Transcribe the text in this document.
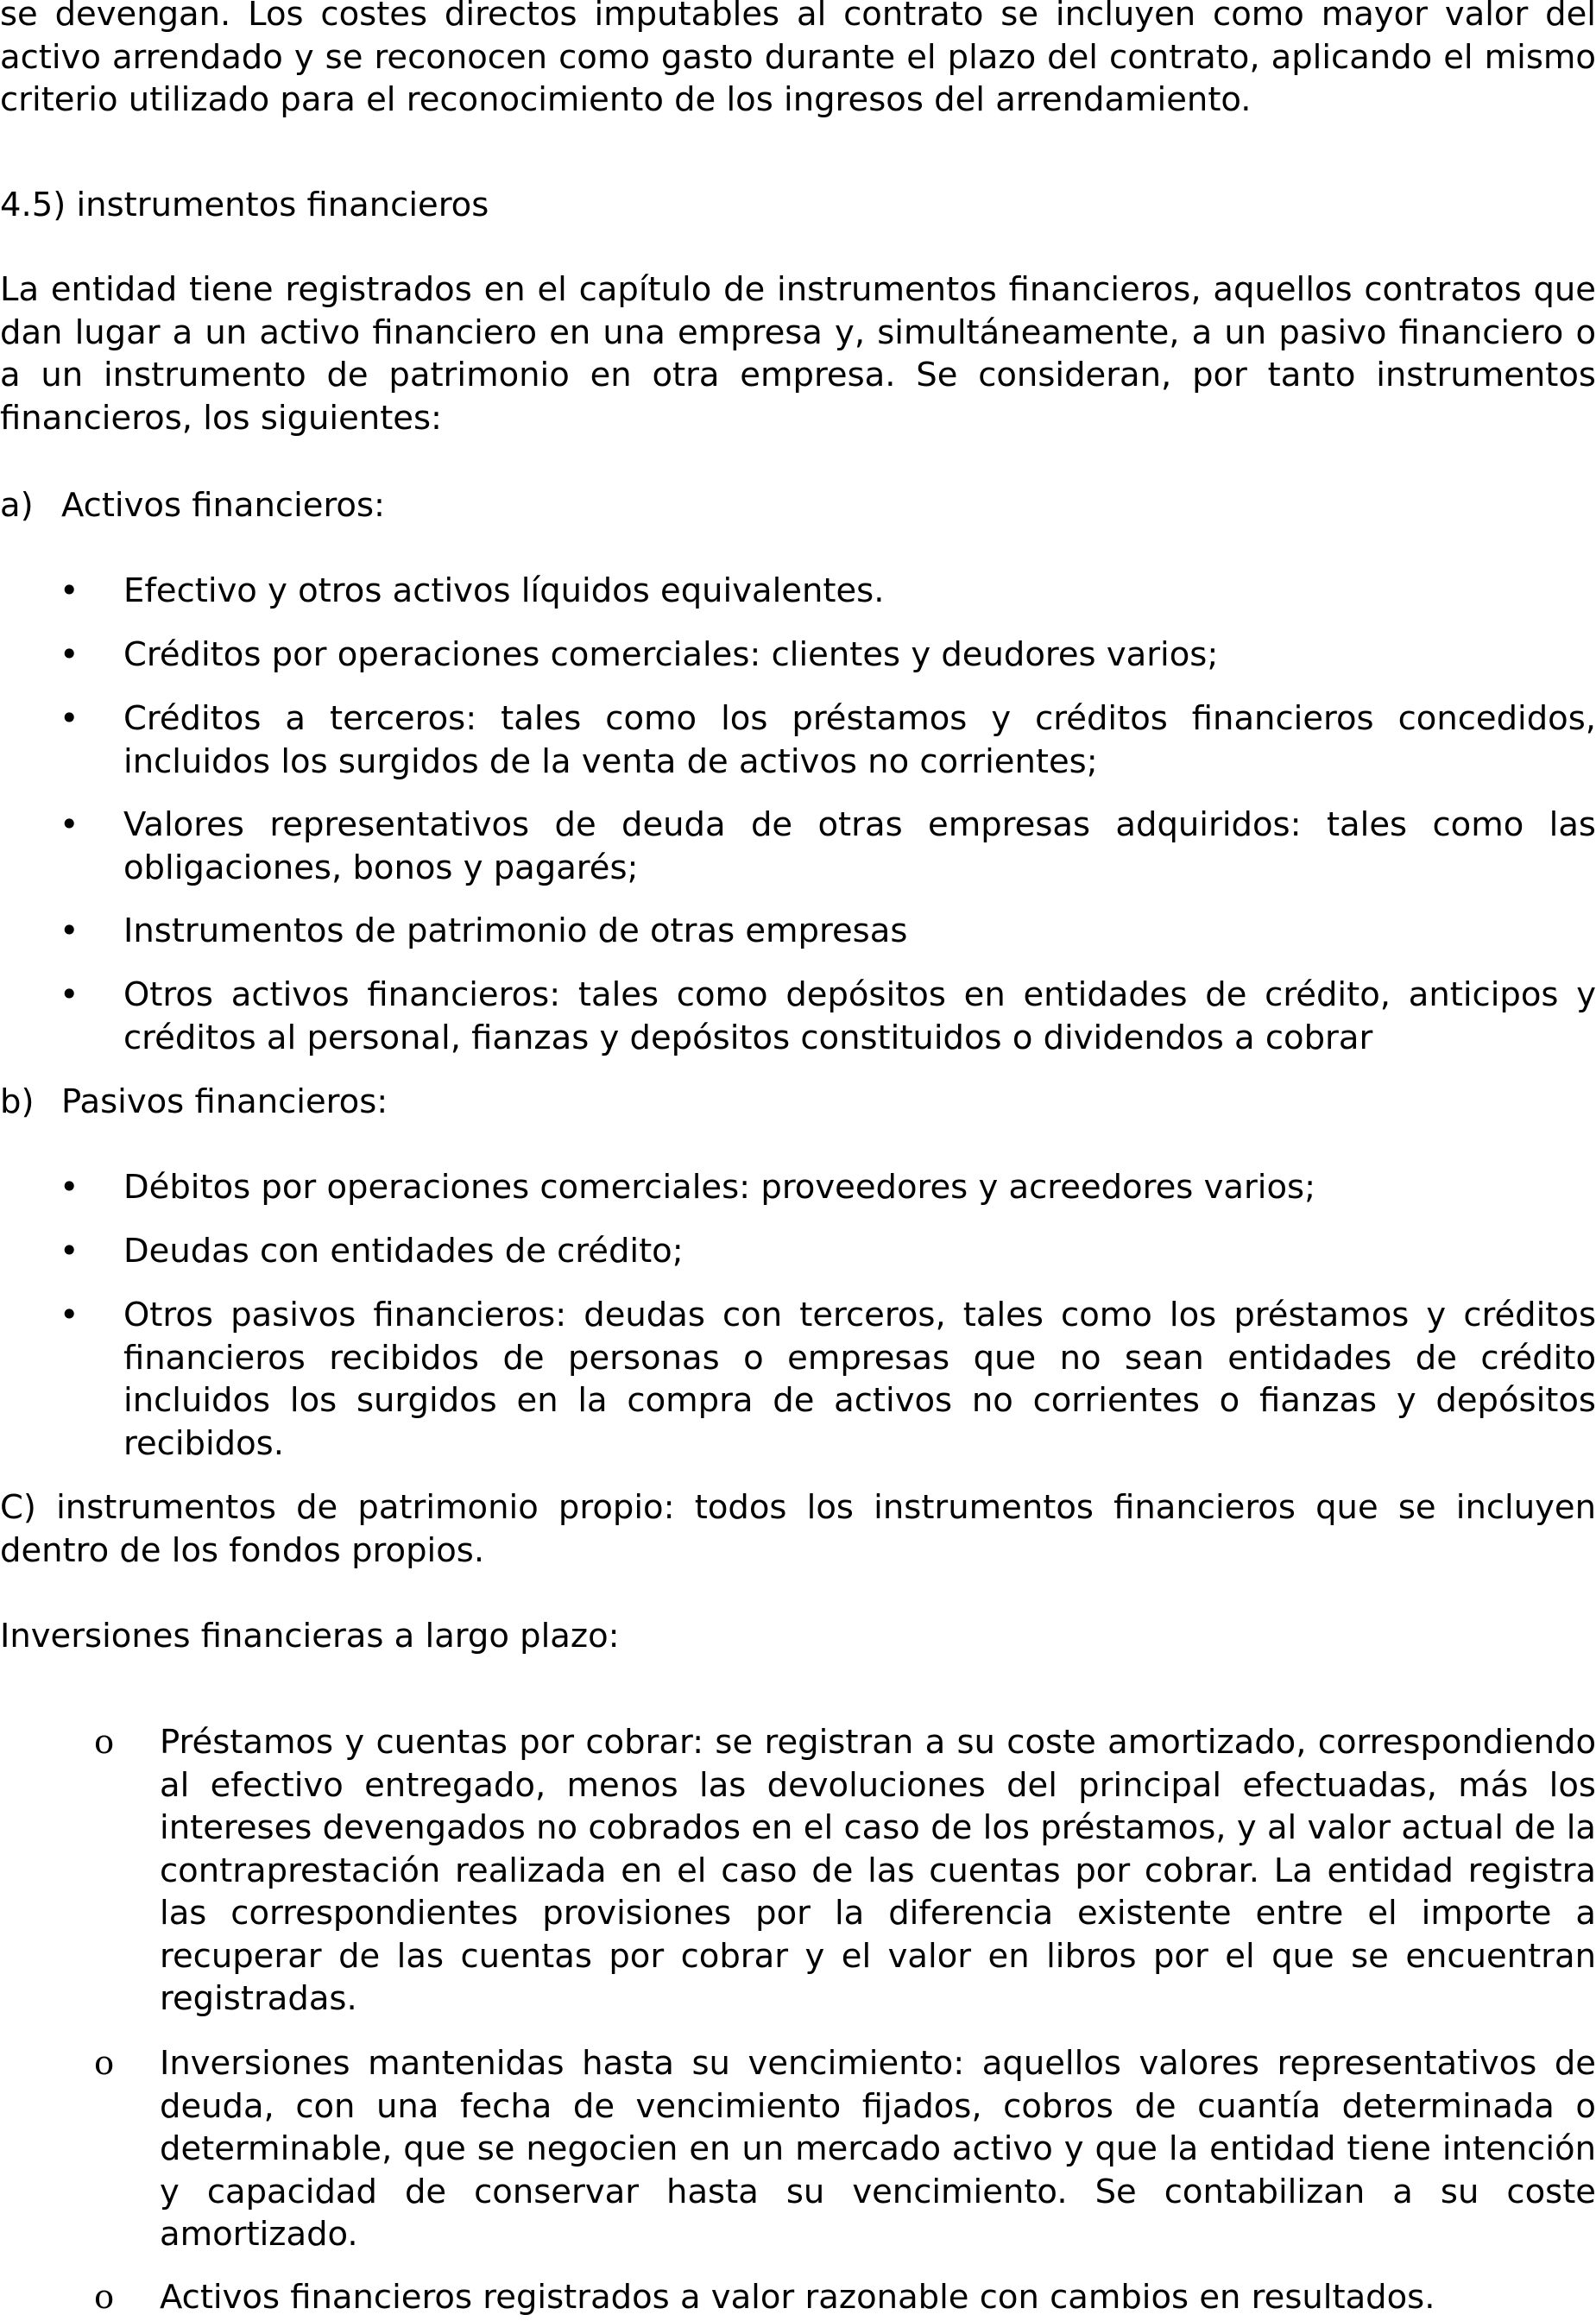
se devengan. Los costes directos imputables al contrato se incluyen como mayor valor del activo arrendado y se reconocen como gasto durante el plazo del contrato, aplicando el mismo criterio utilizado para el reconocimiento de los ingresos del arrendamiento.

4.5) instrumentos financieros

La entidad tiene registrados en el capítulo de instrumentos financieros, aquellos contratos que dan lugar a un activo financiero en una empresa y, simultáneamente, a un pasivo financiero o a un instrumento de patrimonio en otra empresa. Se consideran, por tanto instrumentos financieros, los siguientes:

a) Activos financieros:
• Efectivo y otros activos líquidos equivalentes.

• Créditos por operaciones comerciales: clientes y deudores varios;

• Créditos a terceros: tales como los préstamos y créditos financieros concedidos, incluidos los surgidos de la venta de activos no corrientes;

• Valores representativos de deuda de otras empresas adquiridos: tales como las obligaciones, bonos y pagarés;

• Instrumentos de patrimonio de otras empresas

• Otros activos financieros: tales como depósitos en entidades de crédito, anticipos y créditos al personal, fianzas y depósitos constituidos o dividendos a cobrar

b) Pasivos financieros:
• Débitos por operaciones comerciales: proveedores y acreedores varios;

• Deudas con entidades de crédito;

• Otros pasivos financieros: deudas con terceros, tales como los préstamos y créditos financieros recibidos de personas o empresas que no sean entidades de crédito incluidos los surgidos en la compra de activos no corrientes o fianzas y depósitos recibidos.

C) instrumentos de patrimonio propio: todos los instrumentos financieros que se incluyen dentro de los fondos propios.

Inversiones financieras a largo plazo:

o Préstamos y cuentas por cobrar: se registran a su coste amortizado, correspondiendo al efectivo entregado, menos las devoluciones del principal efectuadas, más los intereses devengados no cobrados en el caso de los préstamos, y al valor actual de la contraprestación realizada en el caso de las cuentas por cobrar. La entidad registra las correspondientes provisiones por la diferencia existente entre el importe a recuperar de las cuentas por cobrar y el valor en libros por el que se encuentran registradas.

o Inversiones mantenidas hasta su vencimiento: aquellos valores representativos de deuda, con una fecha de vencimiento fijados, cobros de cuantía determinada o determinable, que se negocien en un mercado activo y que la entidad tiene intención y capacidad de conservar hasta su vencimiento. Se contabilizan a su coste amortizado.

o Activos financieros registrados a valor razonable con cambios en resultados.
